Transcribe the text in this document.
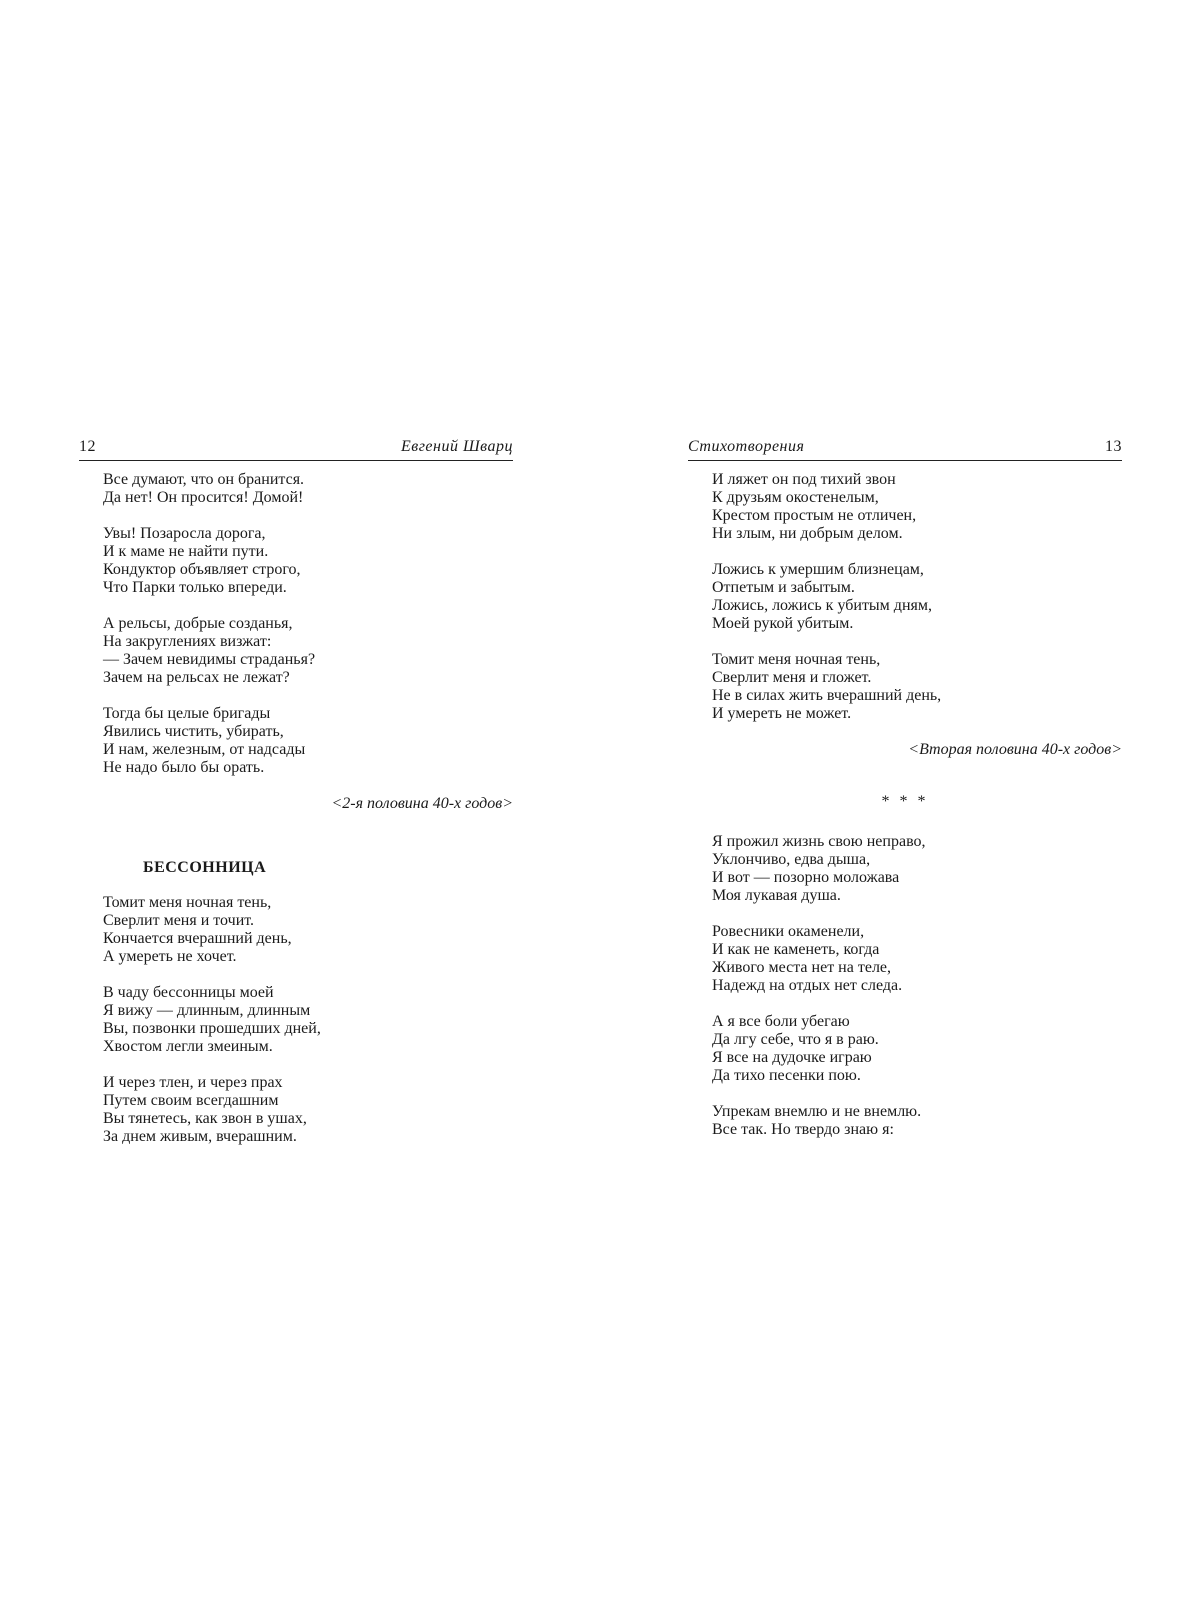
12	Евгений Шварц
Все думают, что он бранится.
Да нет! Он просится! Домой!
Увы! Позаросла дорога,
И к маме не найти пути.
Кондуктор объявляет строго,
Что Парки только впереди.
А рельсы, добрые созданья,
На закруглениях визжат:
— Зачем невидимы страданья?
Зачем на рельсах не лежат?
Тогда бы целые бригады
Явились чистить, убирать,
И нам, железным, от надсады
Не надо было бы орать.
<2-я половина 40-х годов>
БЕССОННИЦА
Томит меня ночная тень,
Сверлит меня и точит.
Кончается вчерашний день,
А умереть не хочет.
В чаду бессонницы моей
Я вижу — длинным, длинным
Вы, позвонки прошедших дней,
Хвостом легли змеиным.
И через тлен, и через прах
Путем своим всегдашним
Вы тянетесь, как звон в ушах,
За днем живым, вчерашним.
Стихотворения	13
И ляжет он под тихий звон
К друзьям окостенелым,
Крестом простым не отличен,
Ни злым, ни добрым делом.
Ложись к умершим близнецам,
Отпетым и забытым.
Ложись, ложись к убитым дням,
Моей рукой убитым.
Томит меня ночная тень,
Сверлит меня и гложет.
Не в силах жить вчерашний день,
И умереть не может.
<Вторая половина 40-х годов>
* * *
Я прожил жизнь свою неправо,
Уклончиво, едва дыша,
И вот — позорно моложава
Моя лукавая душа.
Ровесники окаменели,
И как не каменеть, когда
Живого места нет на теле,
Надежд на отдых нет следа.
А я все боли убегаю
Да лгу себе, что я в раю.
Я все на дудочке играю
Да тихо песенки пою.
Упрекам внемлю и не внемлю.
Все так. Но твердо знаю я:
